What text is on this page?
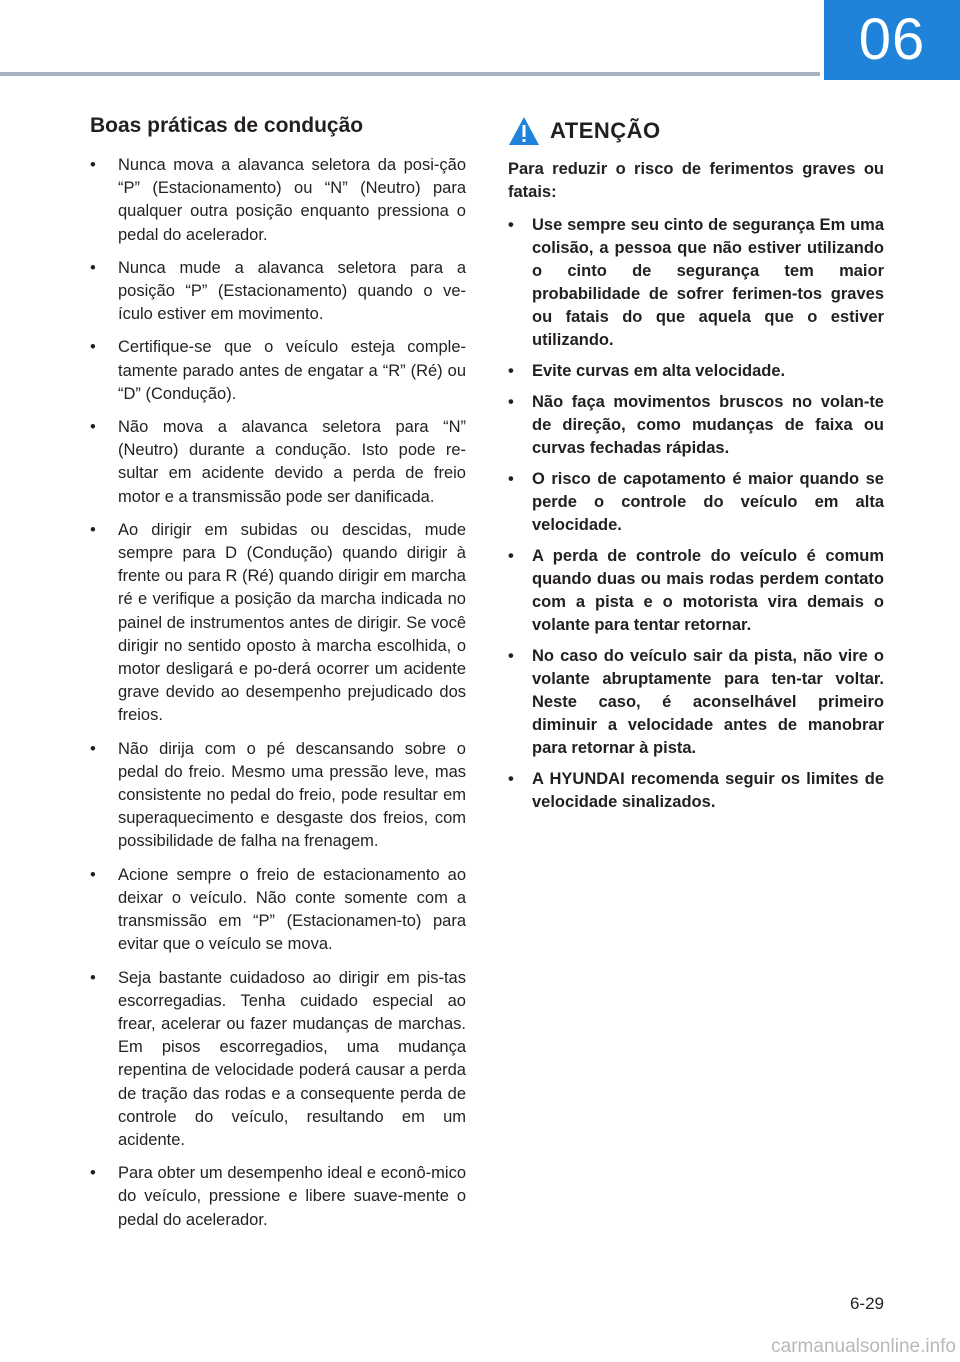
06
Boas práticas de condução
• Nunca mova a alavanca seletora da posi-ção “P” (Estacionamento) ou “N” (Neutro) para qualquer outra posição enquanto pressiona o pedal do acelerador.
• Nunca mude a alavanca seletora para a posição “P” (Estacionamento) quando o ve-ículo estiver em movimento.
• Certifique-se que o veículo esteja comple-tamente parado antes de engatar a “R” (Ré) ou “D” (Condução).
• Não mova a alavanca seletora para “N” (Neutro) durante a condução. Isto pode re-sultar em acidente devido a perda de freio motor e a transmissão pode ser danificada.
• Ao dirigir em subidas ou descidas, mude sempre para D (Condução) quando dirigir à frente ou para R (Ré) quando dirigir em marcha ré e verifique a posição da marcha indicada no painel de instrumentos antes de dirigir. Se você dirigir no sentido oposto à marcha escolhida, o motor desligará e po-derá ocorrer um acidente grave devido ao desempenho prejudicado dos freios.
• Não dirija com o pé descansando sobre o pedal do freio. Mesmo uma pressão leve, mas consistente no pedal do freio, pode resultar em superaquecimento e desgaste dos freios, com possibilidade de falha na frenagem.
• Acione sempre o freio de estacionamento ao deixar o veículo. Não conte somente com a transmissão em “P” (Estacionamen-to) para evitar que o veículo se mova.
• Seja bastante cuidadoso ao dirigir em pis-tas escorregadias. Tenha cuidado especial ao frear, acelerar ou fazer mudanças de marchas. Em pisos escorregadios, uma mudança repentina de velocidade poderá causar a perda de tração das rodas e a consequente perda de controle do veículo, resultando em um acidente.
• Para obter um desempenho ideal e econô-mico do veículo, pressione e libere suave-mente o pedal do acelerador.
ATENÇÃO

Para reduzir o risco de ferimentos graves ou fatais:

• Use sempre seu cinto de segurança Em uma colisão, a pessoa que não estiver utilizando o cinto de segurança tem maior probabilidade de sofrer ferimen-tos graves ou fatais do que aquela que o estiver utilizando.
• Evite curvas em alta velocidade.
• Não faça movimentos bruscos no volan-te de direção, como mudanças de faixa ou curvas fechadas rápidas.
• O risco de capotamento é maior quando se perde o controle do veículo em alta velocidade.
• A perda de controle do veículo é comum quando duas ou mais rodas perdem contato com a pista e o motorista vira demais o volante para tentar retornar.
• No caso do veículo sair da pista, não vire o volante abruptamente para ten-tar voltar. Neste caso, é aconselhável primeiro diminuir a velocidade antes de manobrar para retornar à pista.
• A HYUNDAI recomenda seguir os limites de velocidade sinalizados.
6-29
carmanualsonline.info
